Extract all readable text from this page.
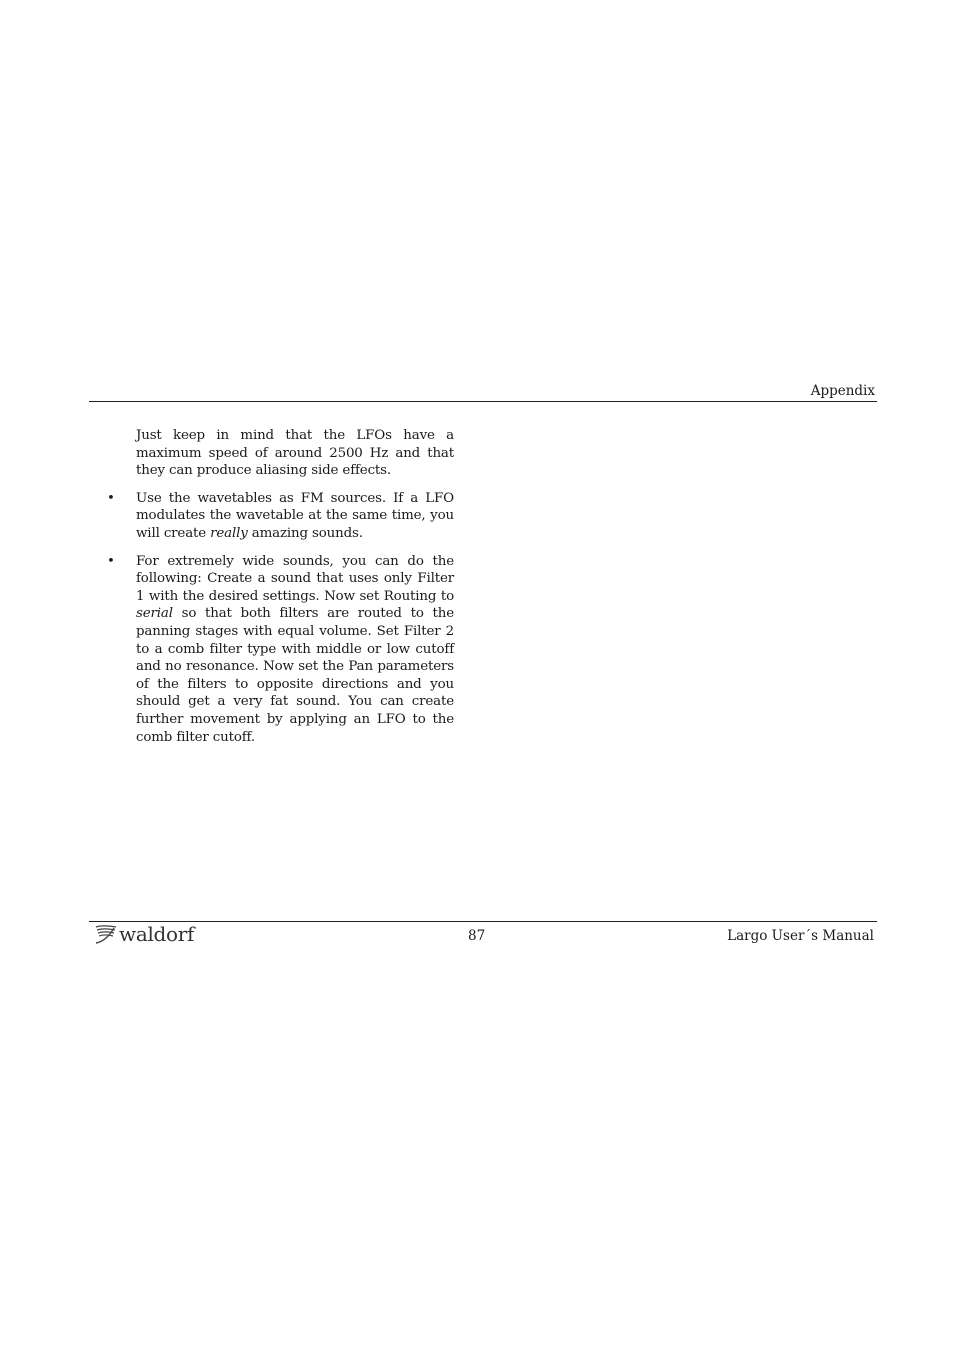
Appendix

Just keep in mind that the LFOs have a maximum speed of around 2500 Hz and that they can produce aliasing side effects.

• Use the wavetables as FM sources. If a LFO modulates the wavetable at the same time, you will create really amazing sounds.
• For extremely wide sounds, you can do the following: Create a sound that uses only Filter 1 with the desired settings. Now set Routing to serial so that both filters are routed to the panning stages with equal volume. Set Filter 2 to a comb filter type with middle or low cutoff and no resonance. Now set the Pan parameters of the filters to opposite directions and you should get a very fat sound. You can create further movement by applying an LFO to the comb filter cutoff.
waldorf	87	Largo User´s Manual
